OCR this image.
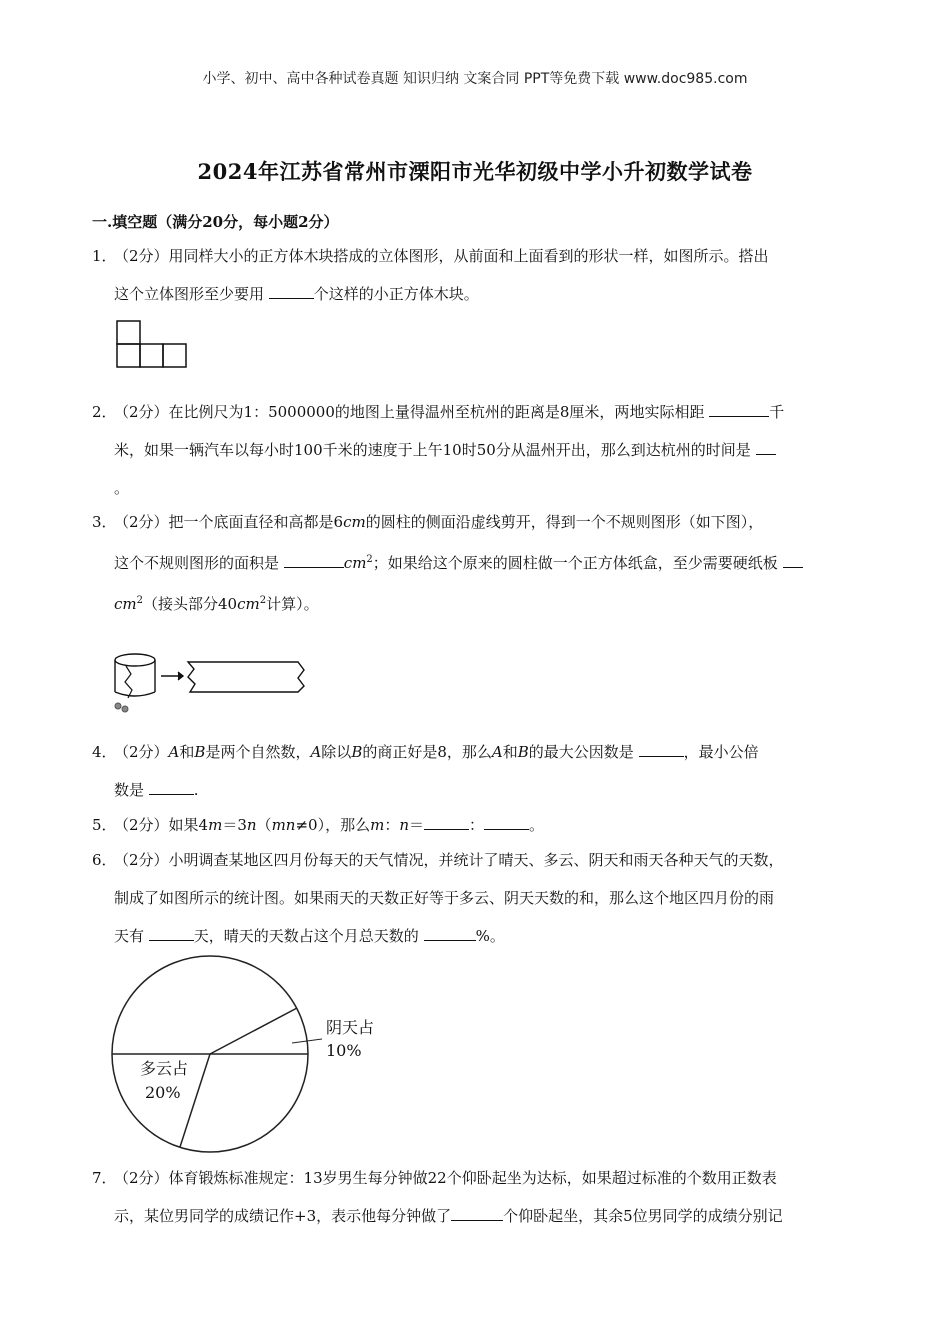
小学、初中、高中各种试卷真题 知识归纳 文案合同 PPT等免费下载 www.doc985.com
2024年江苏省常州市溧阳市光华初级中学小升初数学试卷
一.填空题（满分20分，每小题2分）
1．（2分）用同样大小的正方体木块搭成的立体图形，从前面和上面看到的形状一样，如图所示。搭出
这个立体图形至少要用	个这样的小正方体木块。
2．（2分）在比例尺为1：5000000的地图上量得温州至杭州的距离是8厘米，两地实际相距	千
米，如果一辆汽车以每小时100千米的速度于上午10时50分从温州开出，那么到达杭州的时间是
。
3．（2分）把一个底面直径和高都是6cm的圆柱的侧面沿虚线剪开，得到一个不规则图形（如下图），
这个不规则图形的面积是	$cm^2$；如果给这个原来的圆柱做一个正方体纸盒，至少需要硬纸板
$cm^2$（接头部分$40cm^2$计算）。
4．（2分）A和B是两个自然数，A除以B的商正好是8，那么A和B的最大公因数是	，最小公倍
数是	.
5．（2分）如果4m＝3n（mn≠0），那么m：n＝	：	。
6．（2分）小明调查某地区四月份每天的天气情况，并统计了晴天、多云、阴天和雨天各种天气的天数，
制成了如图所示的统计图。如果雨天的天数正好等于多云、阴天天数的和，那么这个地区四月份的雨
天有	天，晴天的天数占这个月总天数的	%。
多云占
20%
阴天占
10%
7．（2分）体育锻炼标准规定：13岁男生每分钟做22个仰卧起坐为达标，如果超过标准的个数用正数表
示，某位男同学的成绩记作+3，表示他每分钟做了	个仰卧起坐，其余5位男同学的成绩分别记
